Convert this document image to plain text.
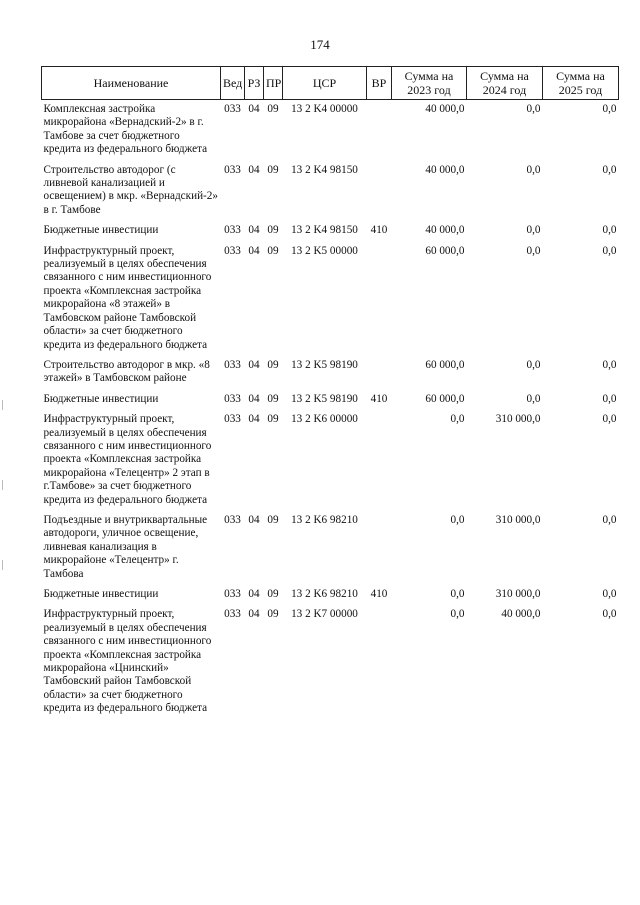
174
Наименование	Вед	РЗ	ПР	ЦСР	ВР	Сумма на 2023 год	Сумма на 2024 год	Сумма на 2025 год
Комплексная застройка микрорайона «Вернадский-2» в г. Тамбове за счет бюджетного кредита из федерального бюджета	033	04	09	13 2 K4 00000		40 000,0	0,0	0,0
Строительство автодорог (с ливневой канализацией и освещением) в мкр. «Вернадский-2» в г. Тамбове	033	04	09	13 2 K4 98150		40 000,0	0,0	0,0
Бюджетные инвестиции	033	04	09	13 2 K4 98150	410	40 000,0	0,0	0,0
Инфраструктурный проект, реализуемый в целях обеспечения связанного с ним инвестиционного проекта «Комплексная застройка микрорайона «8 этажей» в Тамбовском районе Тамбовской области» за счет бюджетного кредита из федерального бюджета	033	04	09	13 2 K5 00000		60 000,0	0,0	0,0
Строительство автодорог в мкр. «8 этажей» в Тамбовском районе	033	04	09	13 2 K5 98190		60 000,0	0,0	0,0
Бюджетные инвестиции	033	04	09	13 2 K5 98190	410	60 000,0	0,0	0,0
Инфраструктурный проект, реализуемый в целях обеспечения связанного с ним инвестиционного проекта «Комплексная застройка микрорайона «Телецентр» 2 этап в г.Тамбове» за счет бюджетного кредита из федерального бюджета	033	04	09	13 2 K6 00000		0,0	310 000,0	0,0
Подъездные и внутриквартальные автодороги, уличное освещение, ливневая канализация в микрорайоне «Телецентр» г. Тамбова	033	04	09	13 2 K6 98210		0,0	310 000,0	0,0
Бюджетные инвестиции	033	04	09	13 2 K6 98210	410	0,0	310 000,0	0,0
Инфраструктурный проект, реализуемый в целях обеспечения связанного с ним инвестиционного проекта «Комплексная застройка микрорайона «Цнинский» Тамбовский район Тамбовской области» за счет бюджетного кредита из федерального бюджета	033	04	09	13 2 K7 00000		0,0	40 000,0	0,0
